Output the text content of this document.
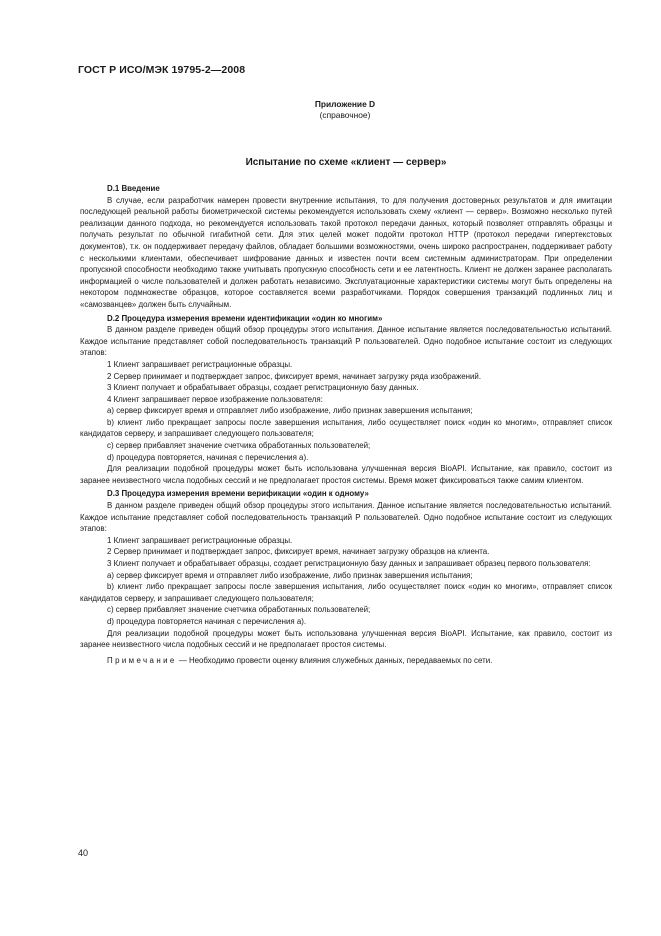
ГОСТ Р ИСО/МЭК 19795-2—2008
Приложение D
(справочное)
Испытание по схеме «клиент — сервер»

D.1 Введение

В случае, если разработчик намерен провести внутренние испытания, то для получения достоверных результатов и для имитации последующей реальной работы биометрической системы рекомендуется использовать схему «клиент — сервер». Возможно несколько путей реализации данного подхода, но рекомендуется использовать такой протокол передачи данных, который позволяет отправлять образцы и получать результат по обычной гигабитной сети. Для этих целей может подойти протокол HTTP (протокол передачи гипертекстовых документов), т.к. он поддерживает передачу файлов, обладает большими возможностями, очень широко распространен, поддерживает работу с несколькими клиентами, обеспечивает шифрование данных и известен почти всем системным администраторам. При определении пропускной способности необходимо также учитывать пропускную способность сети и ее латентность. Клиент не должен заранее располагать информацией о числе пользователей и должен работать независимо. Эксплуатационные характеристики системы могут быть определены на некотором подмножестве образцов, которое составляется всеми разработчиками. Порядок совершения транзакций подлинных лиц и «самозванцев» должен быть случайным.

D.2 Процедура измерения времени идентификации «один ко многим»

В данном разделе приведен общий обзор процедуры этого испытания. Данное испытание является последовательностью испытаний. Каждое испытание представляет собой последовательность транзакций P пользователей. Одно подобное испытание состоит из следующих этапов:

1 Клиент запрашивает регистрационные образцы.

2 Сервер принимает и подтверждает запрос, фиксирует время, начинает загрузку ряда изображений.

3 Клиент получает и обрабатывает образцы, создает регистрационную базу данных.

4 Клиент запрашивает первое изображение пользователя:

a) сервер фиксирует время и отправляет либо изображение, либо признак завершения испытания;

b) клиент либо прекращает запросы после завершения испытания, либо осуществляет поиск «один ко многим», отправляет список кандидатов серверу, и запрашивает следующего пользователя;

c) сервер прибавляет значение счетчика обработанных пользователей;

d) процедура повторяется, начиная с перечисления а).

Для реализации подобной процедуры может быть использована улучшенная версия BioAPI. Испытание, как правило, состоит из заранее неизвестного числа подобных сессий и не предполагает простоя системы. Время может фиксироваться также самим клиентом.

D.3 Процедура измерения времени верификации «один к одному»

В данном разделе приведен общий обзор процедуры этого испытания. Данное испытание является последовательностью испытаний. Каждое испытание представляет собой последовательность транзакций P пользователей. Одно подобное испытание состоит из следующих этапов:

1 Клиент запрашивает регистрационные образцы.

2 Сервер принимает и подтверждает запрос, фиксирует время, начинает загрузку образцов на клиента.

3 Клиент получает и обрабатывает образцы, создает регистрационную базу данных и запрашивает образец первого пользователя:

a) сервер фиксирует время и отправляет либо изображение, либо признак завершения испытания;

b) клиент либо прекращает запросы после завершения испытания, либо осуществляет поиск «один ко многим», отправляет список кандидатов серверу, и запрашивает следующего пользователя;

c) сервер прибавляет значение счетчика обработанных пользователей;

d) процедура повторяется начиная с перечисления а).

Для реализации подобной процедуры может быть использована улучшенная версия BioAPI. Испытание, как правило, состоит из заранее неизвестного числа подобных сессий и не предполагает простоя системы.

Примечание — Необходимо провести оценку влияния служебных данных, передаваемых по сети.

40
